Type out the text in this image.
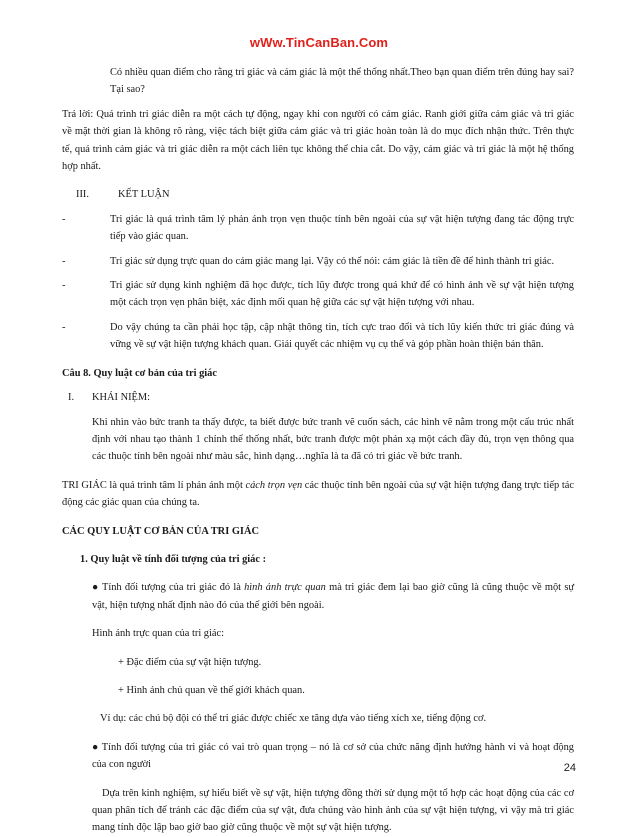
wWw.TinCanBan.Com

Có nhiều quan điểm cho rằng tri giác và cảm giác là một thể thống nhất.Theo bạn quan điểm trên đúng hay sai? Tại sao?

Trả lời: Quá trình tri giác diễn ra một cách tự động, ngay khi con người có cảm giác. Ranh giới giữa cảm giác và tri giác về mặt thời gian là không rõ ràng, việc tách biệt giữa cảm giác và tri giác hoàn toàn là do mục đích nhận thức. Trên thực tế, quá trình cảm giác và tri giác diễn ra một cách liên tục không thể chia cắt. Do vậy, cảm giác và tri giác là một hệ thống hợp nhất.

III.	KẾT LUẬN
-	Tri giác là quá trình tâm lý phản ánh trọn vẹn thuộc tính bên ngoài của sự vật hiện tượng đang tác động trực tiếp vào giác quan.
-	Tri giác sử dụng trực quan do cảm giác mang lại. Vậy có thể nói: cảm giác là tiền đề để hình thành tri giác.
-	Tri giác sử dụng kinh nghiệm đã học được, tích lũy được trong quá khứ để có hình ảnh về sự vật hiện tượng một cách trọn vẹn phân biệt, xác định mối quan hệ giữa các sự vật hiện tượng với nhau.
-	Do vậy chúng ta cần phải học tập, cập nhật thông tin, tích cực trao đổi và tích lũy kiến thức tri giác đúng và vững về sự vật hiện tượng khách quan. Giải quyết các nhiệm vụ cụ thể và góp phần hoàn thiện bản thân.

Câu 8. Quy luật cơ bản của tri giác

I.	KHÁI NIỆM:

Khi nhìn vào bức tranh ta thấy được, ta biết được bức tranh vẽ cuốn sách, các hình vẽ nằm trong một cấu trúc nhất định với nhau tạo thành 1 chỉnh thể thống nhất, bức tranh được một phản xạ một cách đầy đủ, trọn vẹn thông qua các thuộc tính bên ngoài như màu sắc, hình dạng…nghĩa là ta đã có tri giác về bức tranh.

TRI GIÁC là quá trình tâm lí phản ánh một cách trọn vẹn các thuộc tính bên ngoài của sự vật hiện tượng đang trực tiếp tác động các giác quan của chúng ta.

CÁC QUY LUẬT CƠ BẢN CỦA TRI GIÁC

1. Quy luật về tính đối tượng của tri giác :

● Tính đối tượng của tri giác đó là hình ảnh trực quan mà tri giác đem lại bao giờ cũng là cũng thuộc về một sự vật, hiện tượng nhất định nào đó của thế giới bên ngoài.

Hình ảnh trực quan của tri giác:

+ Đặc điểm của sự vật hiện tượng.

+ Hình ảnh chủ quan về thế giới khách quan.

Ví dụ: các chú bộ đội có thể tri giác được chiếc xe tăng dựa vào tiếng xích xe, tiếng động cơ.

● Tính đối tượng của tri giác có vai trò quan trọng – nó là cơ sở của chức năng định hướng hành vi và hoạt động của con người

Dựa trên kinh nghiệm, sự hiểu biết về sự vật, hiện tượng đồng thời sử dụng một tổ hợp các hoạt động của các cơ quan phân tích để tránh các đặc điểm của sự vật, đưa chúng vào hình ảnh của sự vật hiện tượng, vì vậy mà tri giác mang tính độc lập bao giờ bao giờ cũng thuộc về một sự vật hiện tượng.

24
